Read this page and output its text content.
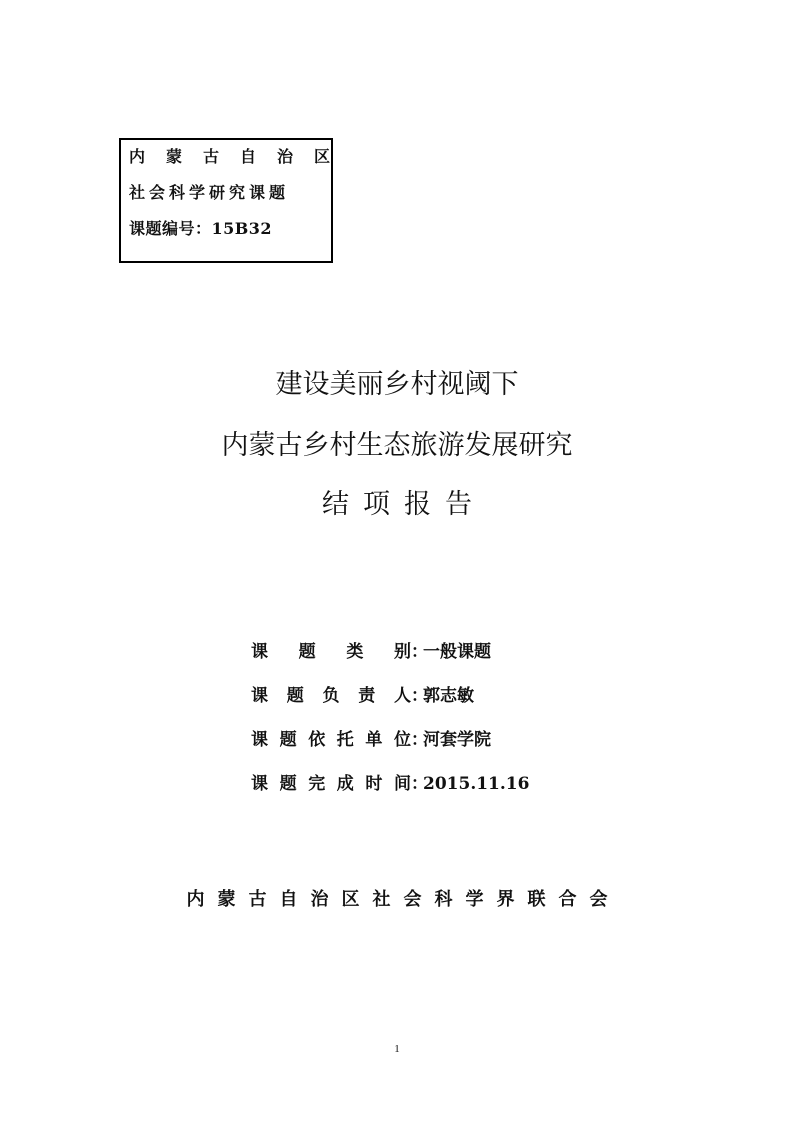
内蒙古自治区
社会科学研究课题
课题编号：15B32
建设美丽乡村视阈下
内蒙古乡村生态旅游发展研究
结项报告
课题类别 ：
一般课题
课题负责人 ：
郭志敏
课题依托单位 ：
河套学院
课题完成时间 ：
2015.11.16
内蒙古自治区社会科学界联合会
1
